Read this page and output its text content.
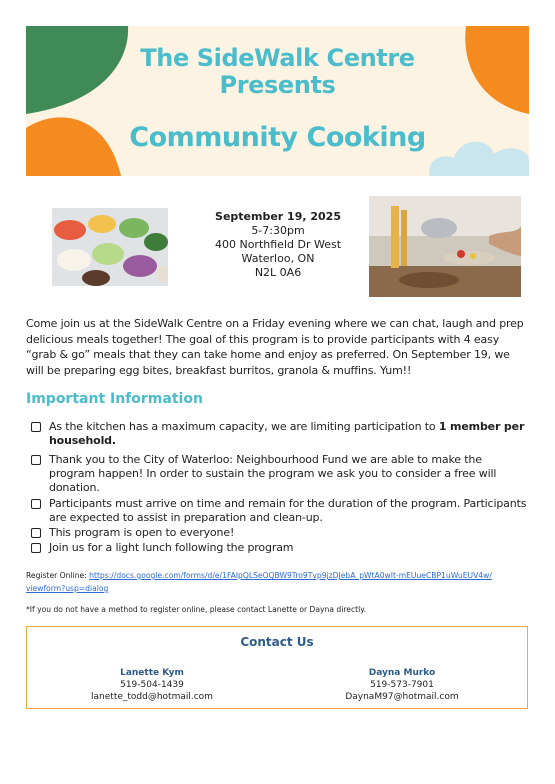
The SideWalk Centre
Presents
Community Cooking
September 19, 2025
5-7:30pm
400 Northfield Dr West
Waterloo, ON
N2L 0A6
Come join us at the SideWalk Centre on a Friday evening where we can chat, laugh and prep delicious meals together! The goal of this program is to provide participants with 4 easy “grab & go” meals that they can take home and enjoy as preferred. On September 19, we will be preparing egg bites, breakfast burritos, granola & muffins. Yum!!
Important Information
As the kitchen has a maximum capacity, we are limiting participation to 1 member per household.
Thank you to the City of Waterloo: Neighbourhood Fund we are able to make the program happen! In order to sustain the program we ask you to consider a free will donation.
Participants must arrive on time and remain for the duration of the program. Participants are expected to assist in preparation and clean-up.
This program is open to everyone!
Join us for a light lunch following the program
Register Online: https://docs.google.com/forms/d/e/1FAIpQLSeOQBW9Tro9Tvp9jzDJebA_pWtA0wIt-mEUueCBP1uWuEUV4w/viewform?usp=dialog
*If you do not have a method to register online, please contact Lanette or Dayna directly.
Contact Us
Lanette Kym
519-504-1439
lanette_todd@hotmail.com
Dayna Murko
519-573-7901
DaynaM97@hotmail.com
